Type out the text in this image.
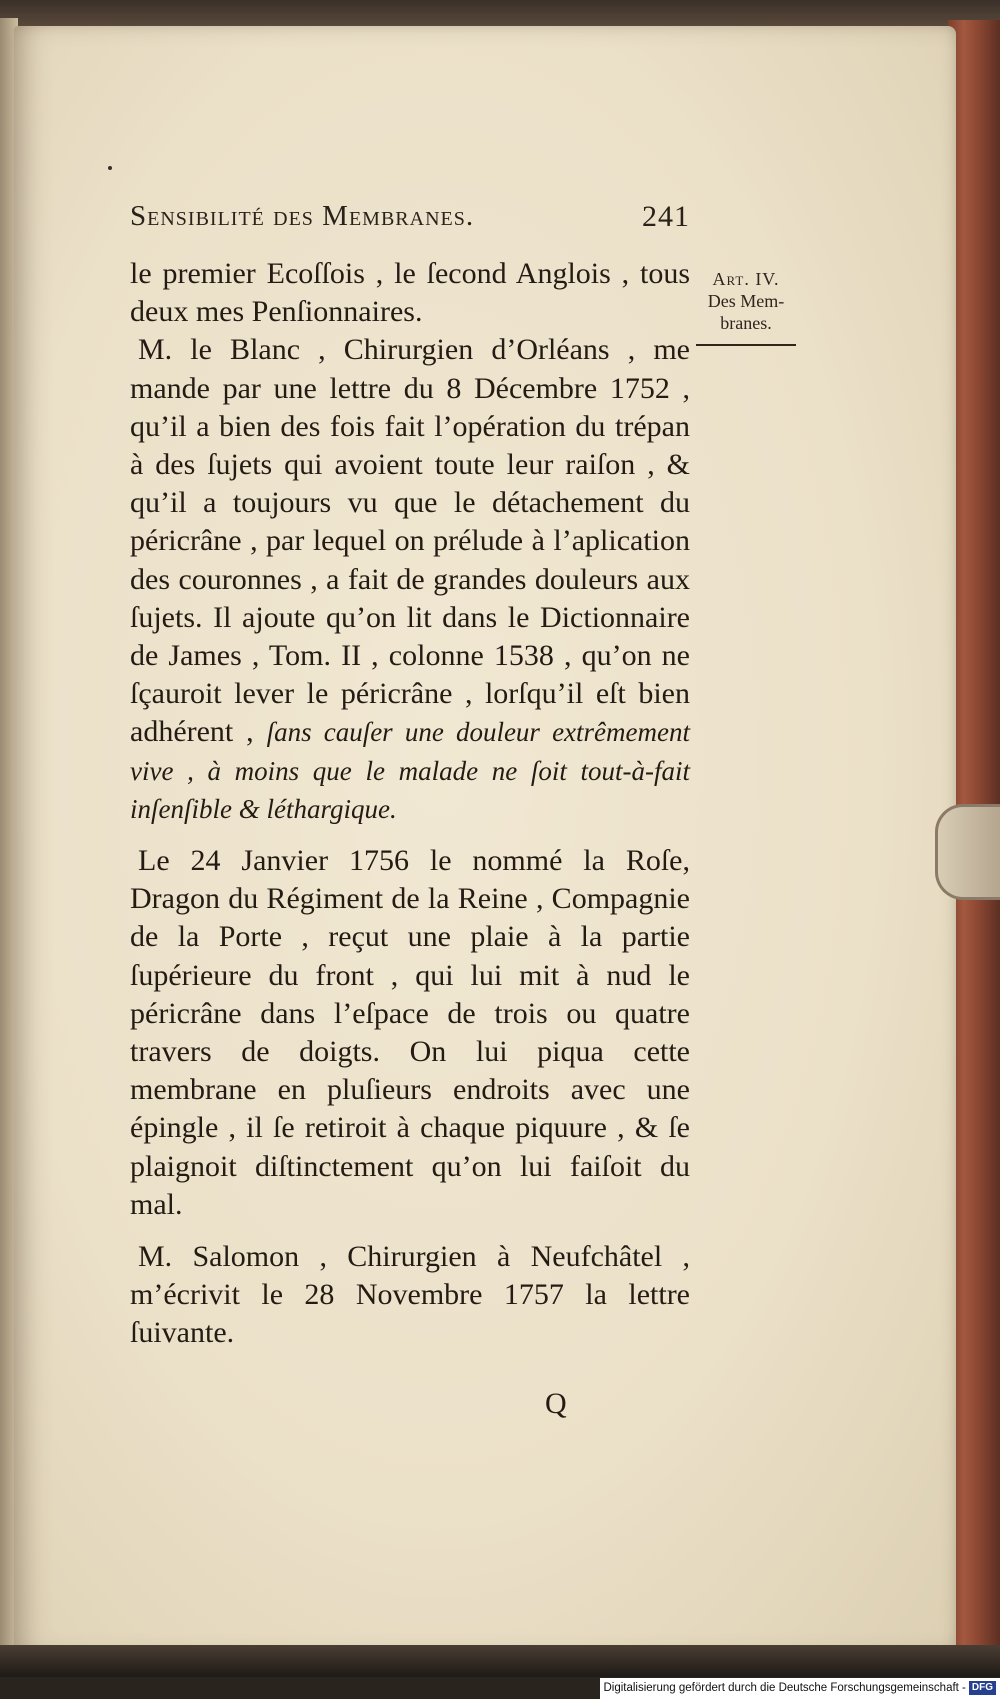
Sensibilité des Membranes.	241
Art. IV.
Des Mem-branes.

le premier Ecoſſois , le ſecond Anglois , tous deux mes Penſionnaires.

M. le Blanc , Chirurgien d’Orléans , me mande par une lettre du 8 Décembre 1752 , qu’il a bien des fois fait l’opération du trépan à des ſujets qui avoient toute leur raiſon , & qu’il a toujours vu que le détachement du péricrâne , par lequel on prélude à l’aplication des couronnes , a fait de grandes douleurs aux ſujets. Il ajoute qu’on lit dans le Dictionnaire de James , Tom. II , colonne 1538 , qu’on ne ſçauroit lever le péricrâne , lorſqu’il eſt bien adhérent , ſans cauſer une douleur extrêmement vive , à moins que le malade ne ſoit tout-à-fait inſenſible & léthargique.

Le 24 Janvier 1756 le nommé la Roſe, Dragon du Régiment de la Reine , Compagnie de la Porte , reçut une plaie à la partie ſupérieure du front , qui lui mit à nud le péricrâne dans l’eſpace de trois ou quatre travers de doigts. On lui piqua cette membrane en pluſieurs endroits avec une épingle , il ſe retiroit à chaque piquure , & ſe plaignoit diſtinctement qu’on lui faiſoit du mal.

M. Salomon , Chirurgien à Neufchâtel , m’écrivit le 28 Novembre 1757 la lettre ſuivante.

Q
Digitalisierung gefördert durch die Deutsche Forschungsgemeinschaft - DFG
